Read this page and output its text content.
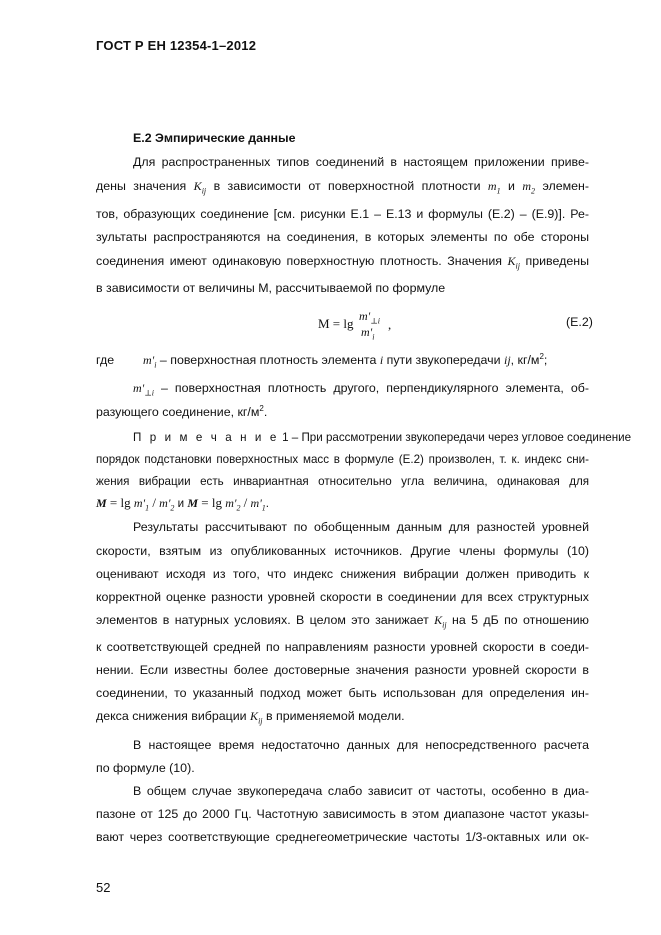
ГОСТ Р ЕН 12354-1–2012
Е.2 Эмпирические данные
Для распространенных типов соединений в настоящем приложении приве-
дены значения $K_{ij}$ в зависимости от поверхностной плотности $m_1$ и $m_2$ элемен-
тов, образующих соединение [см. рисунки Е.1 – Е.13 и формулы (Е.2) – (Е.9)]. Ре-
зультаты распространяются на соединения, в которых элементы по обе стороны
соединения имеют одинаковую поверхностную плотность. Значения $K_{ij}$ приведены
в зависимости от величины М, рассчитываемой по формуле
$M = \lg m'_{\perp i}$
$m'_i$
,	(Е.2)
где $m'_i$ – поверхностная плотность элемента i пути звукопередачи ij, $кг/м^2$;
$m'_{\perp i}$ – поверхностная плотность другого, перпендикулярного элемента, об-
разующего соединение, $кг/м^2$.
П р и м е ч а н и е 1 – При рассмотрении звукопередачи через угловое соединение
порядок подстановки поверхностных масс в формуле (Е.2) произволен, т. к. индекс сни-
жения вибрации есть инвариантная относительно угла величина, одинаковая для
$M = \lg m'_1 / m'_2$ и $M = \lg m'_2 / m'_1$.
Результаты рассчитывают по обобщенным данным для разностей уровней
скорости, взятым из опубликованных источников. Другие члены формулы (10)
оценивают исходя из того, что индекс снижения вибрации должен приводить к
корректной оценке разности уровней скорости в соединении для всех структурных
элементов в натурных условиях. В целом это занижает $K_{ij}$ на 5 дБ по отношению
к соответствующей средней по направлениям разности уровней скорости в соеди-
нении. Если известны более достоверные значения разности уровней скорости в
соединении, то указанный подход может быть использован для определения ин-
декса снижения вибрации $K_{ij}$ в применяемой модели.
В настоящее время недостаточно данных для непосредственного расчета
по формуле (10).
В общем случае звукопередача слабо зависит от частоты, особенно в диа-
пазоне от 125 до 2000 Гц. Частотную зависимость в этом диапазоне частот указы-
вают через соответствующие среднегеометрические частоты 1/3-октавных или ок-
52
